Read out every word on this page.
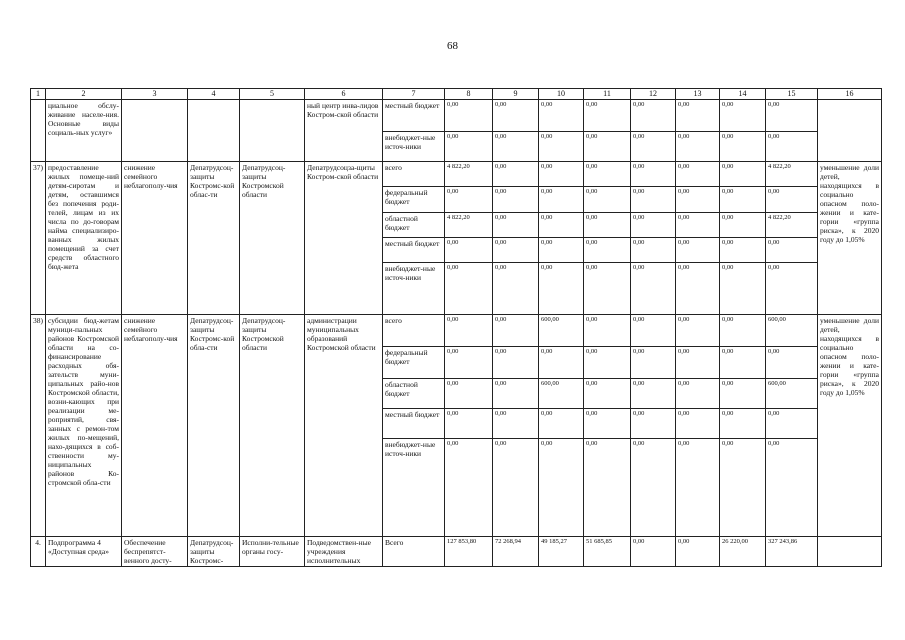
68
1	2	3	4	5	6	7	8	9	10	11	12	13	14	15	16
	циальное обслу-живание населе-ния. Основные виды социаль-ных услуг»				ный центр инва-лидов Костром-ской области	местный бюджет	0,00	0,00	0,00	0,00	0,00	0,00	0,00	0,00	
						внебюджет-ные источ-ники	0,00	0,00	0,00	0,00	0,00	0,00	0,00	0,00	
37)	предоставление жилых помеще-ний детям-сиротам и детям, оставшимся без попечения роди-телей, лицам из их числа по до-говорам найма специализиро-ванных жилых помещений за счет средств областного бюд-жета	снижение семейного неблагополу-чия	Депатрудсоц-защиты Костромс-кой облас-ти	Депатрудсоц-защиты Костромской области	Депатрудсоцза-щиты Костром-ской области	всего	4 822,20	0,00	0,00	0,00	0,00	0,00	0,00	4 822,20	уменьшение доли детей, находящихся в социально опасном поло-жении и кате-гории «группа риска», к 2020 году до 1,05%
						федеральный бюджет	0,00	0,00	0,00	0,00	0,00	0,00	0,00	0,00	
						областной бюджет	4 822,20	0,00	0,00	0,00	0,00	0,00	0,00	4 822,20	
						местный бюджет	0,00	0,00	0,00	0,00	0,00	0,00	0,00	0,00	
						внебюджет-ные источ-ники	0,00	0,00	0,00	0,00	0,00	0,00	0,00	0,00	
38)	субсидии бюд-жетам муници-пальных районов Костромской области на со-финансирование расходных обя-зательств муни-ципальных райо-нов Костромской области, возни-кающих при реализации ме-роприятий, свя-занных с ремон-том жилых по-мещений, нахо-дящихся в соб-ственности му-ниципальных районов Ко-стромской обла-сти	снижение семейного неблагополу-чия	Депатрудсоц-защиты Костромс-кой обла-сти	Депатрудсоц-защиты Костромской области	администрации муниципальных образований Костромской области	всего	0,00	0,00	600,00	0,00	0,00	0,00	0,00	600,00	уменьшение доли детей, находящихся в социально опасном поло-жении и кате-гории «группа риска», к 2020 году до 1,05%
						федеральный бюджет	0,00	0,00	0,00	0,00	0,00	0,00	0,00	0,00	
						областной бюджет	0,00	0,00	600,00	0,00	0,00	0,00	0,00	600,00	
						местный бюджет	0,00	0,00	0,00	0,00	0,00	0,00	0,00	0,00	
						внебюджет-ные источ-ники	0,00	0,00	0,00	0,00	0,00	0,00	0,00	0,00	
4.	Подпрограмма 4 «Доступная среда»	Обеспечение беспрепятст-венного досту-	Депатрудсоц-защиты Костромс-	Исполни-тельные органы госу-	Подведомствен-ные учреждения исполнительных	Всего	127 853,80	72 268,94	49 185,27	51 685,85	0,00	0,00	26 220,00	327 243,86	
